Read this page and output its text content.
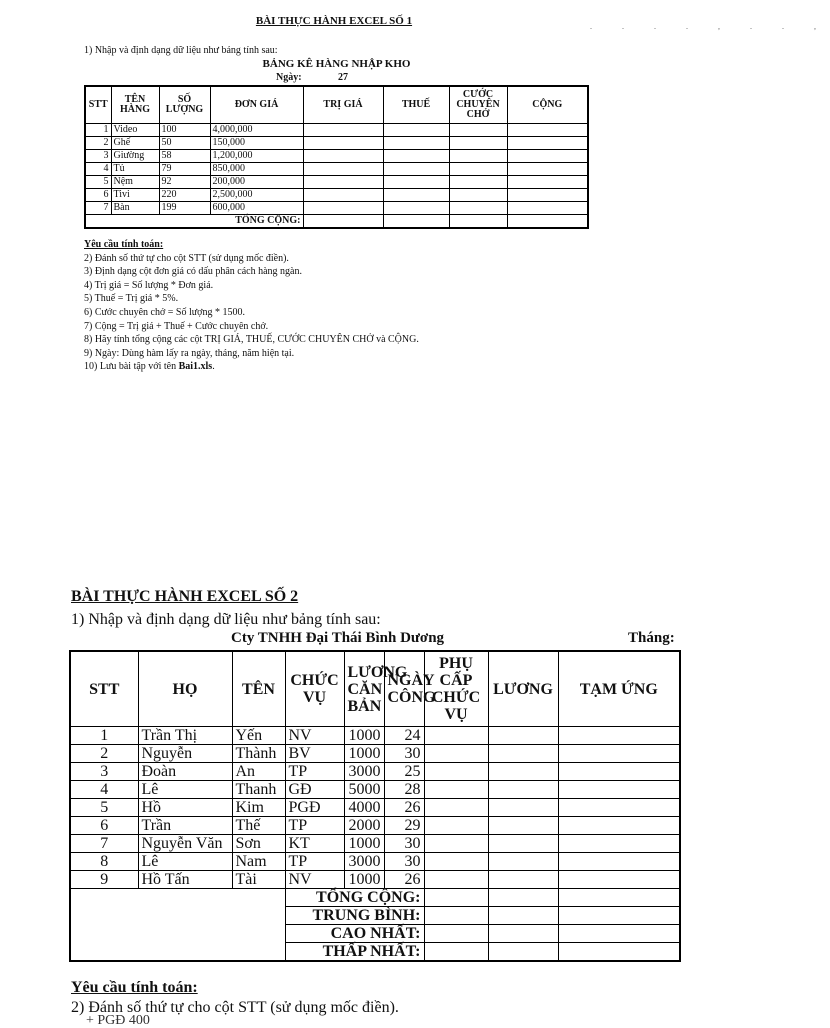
BÀI THỰC HÀNH EXCEL SỐ 1	. . . . , . . ,
1) Nhập và định dạng dữ liệu như bảng tính sau:
BẢNG KÊ HÀNG NHẬP KHO
Ngày:	27
STT	TÊN HÀNG	SỐ LƯỢNG	ĐƠN GIÁ	TRỊ GIÁ	THUẾ	CƯỚC CHUYÊN CHỞ	CỘNG
1	Video	100	4,000,000				
2	Ghế	50	150,000				
3	Giường	58	1,200,000				
4	Tủ	79	850,000				
5	Nệm	92	200,000				
6	Tivi	220	2,500,000				
7	Bàn	199	600,000				
TỔNG CỘNG:							
Yêu cầu tính toán:
2) Đánh số thứ tự cho cột STT (sử dụng mốc điền).
3) Định dạng cột đơn giá có dấu phân cách hàng ngàn.
4) Trị giá = Số lượng * Đơn giá.
5) Thuế = Trị giá * 5%.
6) Cước chuyên chở = Số lượng * 1500.
7) Cộng = Trị giá + Thuế + Cước chuyên chở.
8) Hãy tính tổng cộng các cột TRỊ GIÁ, THUẾ, CƯỚC CHUYÊN CHỞ và CỘNG.
9) Ngày: Dùng hàm lấy ra ngày, tháng, năm hiện tại.
10) Lưu bài tập với tên Bai1.xls.
BÀI THỰC HÀNH EXCEL SỐ 2
1) Nhập và định dạng dữ liệu như bảng tính sau:
Cty TNHH Đại Thái Bình Dương	Tháng:
STT	HỌ	TÊN	CHỨC VỤ	LƯƠNG CĂN BẢN	NGÀY CÔNG	PHỤ CẤP CHỨC VỤ	LƯƠNG	TẠM ỨNG
1	Trần Thị	Yến	NV	1000	24			
2	Nguyễn	Thành	BV	1000	30			
3	Đoàn	An	TP	3000	25			
4	Lê	Thanh	GĐ	5000	28			
5	Hồ	Kim	PGĐ	4000	26			
6	Trần	Thế	TP	2000	29			
7	Nguyễn Văn	Sơn	KT	1000	30			
8	Lê	Nam	TP	3000	30			
9	Hồ Tấn	Tài	NV	1000	26			
			TỔNG CỘNG:					
			TRUNG BÌNH:					
			CAO NHẤT:					
			THẤP NHẤT:					
Yêu cầu tính toán:
2) Đánh số thứ tự cho cột STT (sử dụng mốc điền).
+ PGĐ 400
